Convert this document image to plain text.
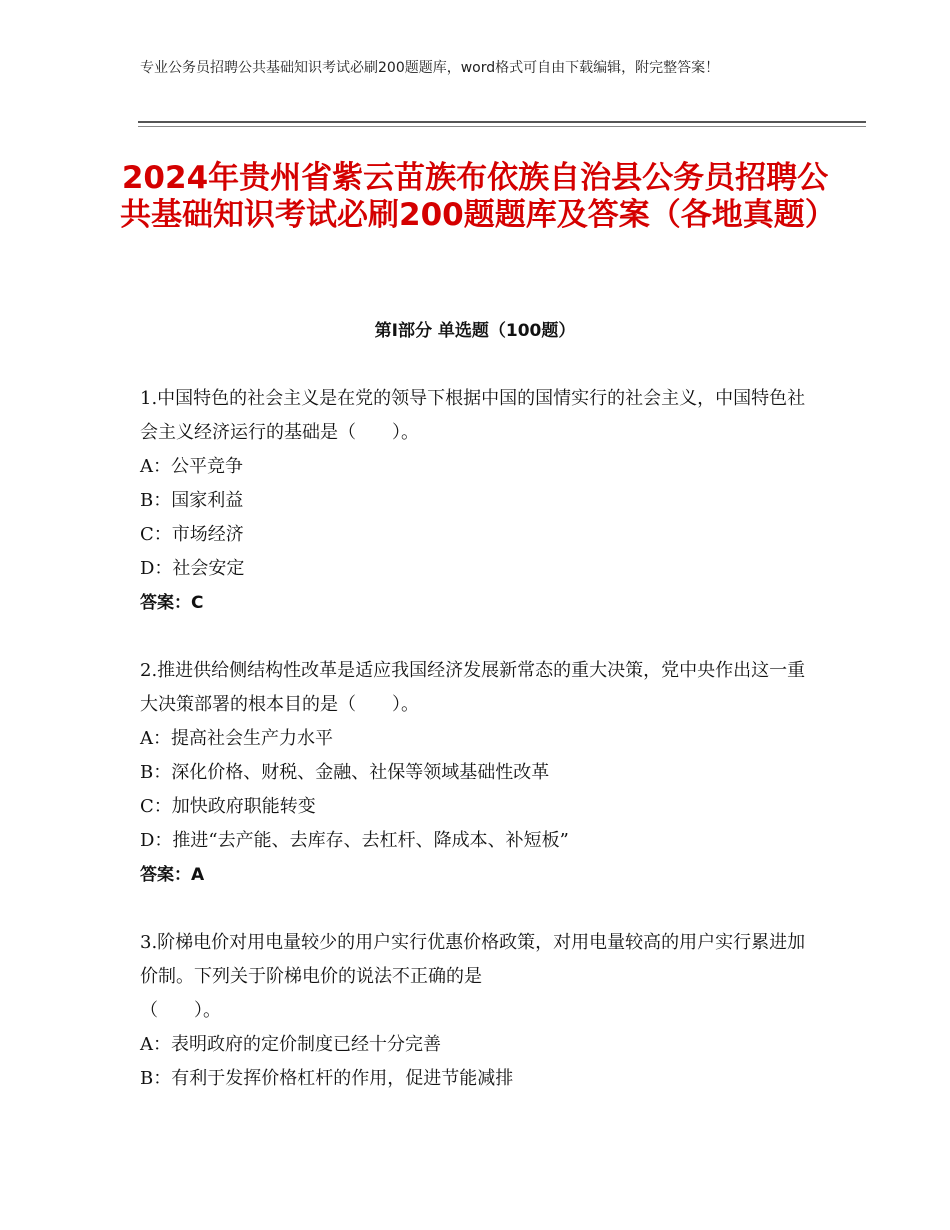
专业公务员招聘公共基础知识考试必刷200题题库，word格式可自由下载编辑，附完整答案！
2024年贵州省紫云苗族布依族自治县公务员招聘公共基础知识考试必刷200题题库及答案（各地真题）
第Ⅰ部分 单选题（100题）

1.中国特色的社会主义是在党的领导下根据中国的国情实行的社会主义，中国特色社会主义经济运行的基础是（　　）。

A：公平竞争

B：国家利益

C：市场经济

D：社会安定

答案：C

2.推进供给侧结构性改革是适应我国经济发展新常态的重大决策，党中央作出这一重大决策部署的根本目的是（　　）。

A：提高社会生产力水平

B：深化价格、财税、金融、社保等领域基础性改革

C：加快政府职能转变

D：推进“去产能、去库存、去杠杆、降成本、补短板”

答案：A

3.阶梯电价对用电量较少的用户实行优惠价格政策，对用电量较高的用户实行累进加价制。下列关于阶梯电价的说法不正确的是

（　　）。

A：表明政府的定价制度已经十分完善

B：有利于发挥价格杠杆的作用，促进节能减排
